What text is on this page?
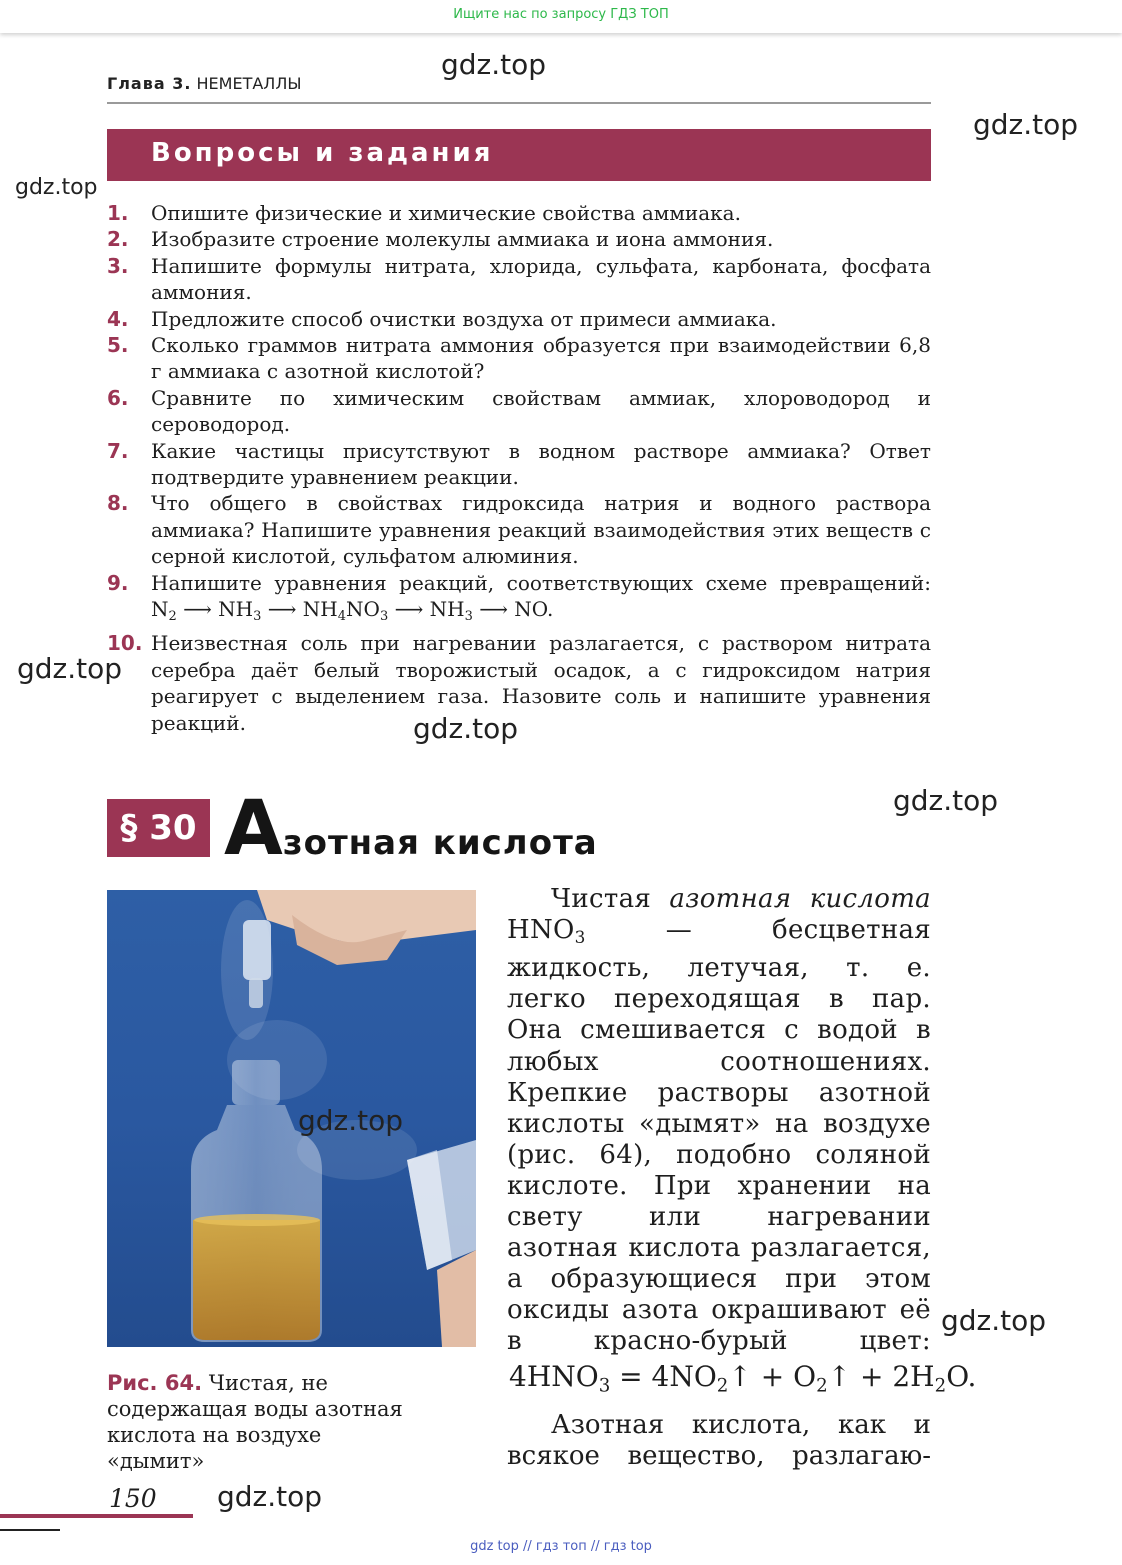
Ищите нас по запросу ГДЗ ТОП
Глава 3. НЕМЕТАЛЛЫ
Вопросы и задания
1. Опишите физические и химические свойства аммиака.
2. Изобразите строение молекулы аммиака и иона аммония.
3. Напишите формулы нитрата, хлорида, сульфата, карбоната, фосфата аммония.
4. Предложите способ очистки воздуха от примеси аммиака.
5. Сколько граммов нитрата аммония образуется при взаимодействии 6,8 г аммиака с азотной кислотой?
6. Сравните по химическим свойствам аммиак, хлороводород и сероводород.
7. Какие частицы присутствуют в водном растворе аммиака? Ответ подтвердите уравнением реакции.
8. Что общего в свойствах гидроксида натрия и водного раствора аммиака? Напишите уравнения реакций взаимодействия этих веществ с серной кислотой, сульфатом алюминия.
9. Напишите уравнения реакций, соответствующих схеме превращений: $N_2$ ⟶ $NH_3$ ⟶ $NH_4NO_3$ ⟶ $NH_3$ ⟶ NO.
10. Неизвестная соль при нагревании разлагается, с раствором нитрата серебра даёт белый творожистый осадок, а с гидроксидом натрия реагирует с выделением газа. Назовите соль и напишите уравнения реакций.
§ 30 Азотная кислота
Рис. 64. Чистая, не содержащая воды азотная кислота на воздухе «дымит»
Чистая азотная кислота $HNO_3$	— бесцветная жидкость, летучая, т. е. легко переходящая в пар. Она смешивается с водой в любых соотношениях. Крепкие растворы азотной кислоты «дымят» на воздухе (рис. 64), подобно соляной кислоте. При хранении на свету или нагревании азотная кислота разлагается, а образующиеся при этом оксиды азота окрашивают её в красно-бурый цвет:
$4HNO_3$ = $4NO_2↑$ + $O_2↑ + 2H_2O$.
Азотная кислота, как и всякое вещество, разлагаю-
150
gdz top // гдз топ // гдз top
gdz.top
gdz.top
gdz.top
gdz.top
gdz.top
gdz.top
gdz.top
gdz.top
gdz.top
